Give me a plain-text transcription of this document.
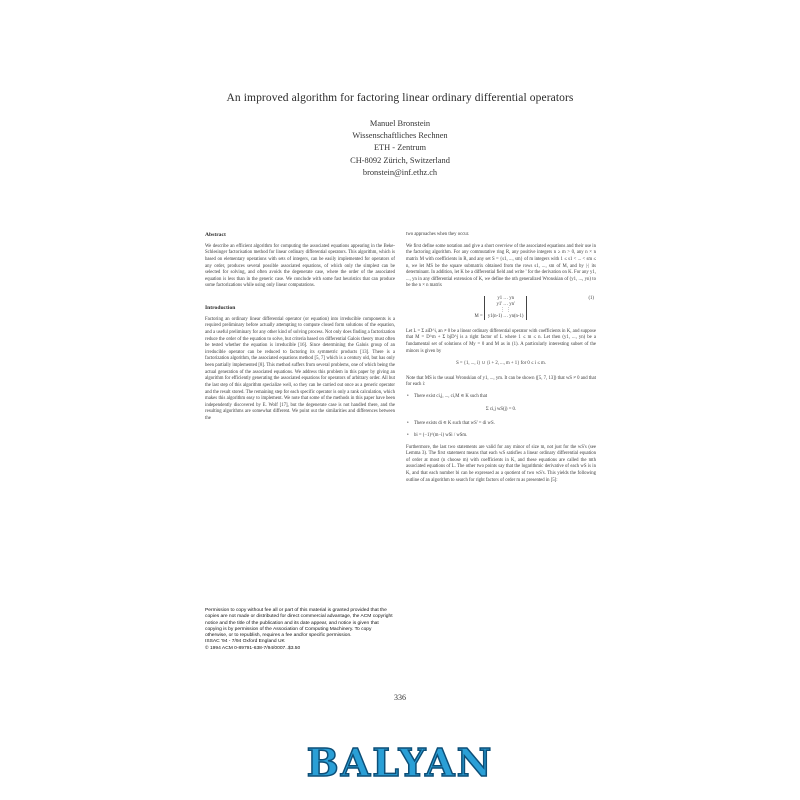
An improved algorithm for factoring linear ordinary differential operators
Manuel Bronstein
Wissenschaftliches Rechnen
ETH - Zentrum
CH-8092 Zürich, Switzerland
bronstein@inf.ethz.ch
Abstract

We describe an efficient algorithm for computing the associated equations appearing in the Beke-Schlesinger factorisation method for linear ordinary differential operators. This algorithm, which is based on elementary operations with sets of integers, can be easily implemented for operators of any order, produces several possible associated equations, of which only the simplest can be selected for solving, and often avoids the degenerate case, where the order of the associated equation is less than in the generic case. We conclude with some fast heuristics that can produce some factorizations while using only linear computations.

Introduction

Factoring an ordinary linear differential operator (or equation) into irreducible components is a required preliminary before actually attempting to compute closed form solutions of the equation, and a useful preliminary for any other kind of solving process. Not only does finding a factorization reduce the order of the equation to solve, but criteria based on differential Galois theory must often be tested whether the equation is irreducible [16]. Since determining the Galois group of an irreducible operator can be reduced to factoring its symmetric products [13]. There is a factorization algorithm, the associated equations method [5, 7] which is a century old, but has only been partially implemented [8]. This method suffers from several problems, one of which being the actual generation of the associated equations. We address this problem in this paper by giving an algorithm for efficiently generating the associated equations for operators of arbitrary order. All but the last step of this algorithm specialize well, so they can be carried out once as a generic operator and the result stored. The remaining step for each specific operator is only a rank calculation, which makes this algorithm easy to implement. We note that some of the methods in this paper have been independently discovered by E. Wolf [17], but the degenerate case is not handled there, and the resulting algorithms are somewhat different. We point out the similarities and differences between the

Permission to copy without fee all or part of this material is granted provided that the copies are not made or distributed for direct commercial advantage, the ACM copyright notice and the title of the publication and its date appear, and notice is given that copying is by permission of the Association of Computing Machinery. To copy otherwise, or to republish, requires a fee and/or specific permission.
ISSAC '94 - 7/94 Oxford England UK
© 1994 ACM 0-89791-638-7/94/0007..$3.50

two approaches when they occur.

We first define some notation and give a short overview of the associated equations and their use in the factoring algorithm. For any commutative ring R, any positive integers n ≥ m > 0, any n × n matrix M with coefficients in R, and any set S = {s1, ..., sm} of m integers with 1 ≤ s1 < ... < sm ≤ n, we let MS be the square submatrix obtained from the rows s1, ..., sm of M, and by |·| its determinant. In addition, let K be a differential field and write ' for the derivation on K. For any y1, ..., yn in any differential extension of K, we define the nth generalized Wronskian of (y1, ..., yn) to be the n × n matrix

M =
y1 … yn
y1' … yn'
⋮ ⋮
y1(n-1) … yn(n-1)
(1)

Let L = Σ aiD^i, an ≠ 0 be a linear ordinary differential operator with coefficients in K, and suppose that M = D^m + Σ bjD^j is a right factor of L where 1 ≤ m ≤ n. Let then (y1, ..., yn) be a fundamental set of solutions of My = 0 and M as in (1). A particularly interesting subset of the minors is given by

S = {1, ..., i} ∪ {i + 2, ..., m + 1} for 0 ≤ i ≤ m.

Note that MS is the usual Wronskian of y1, ..., ym. It can be shown ([5, 7, 13]) that wS ≠ 0 and that for each i:

• There exist ci,j, ..., ci,M ∈ K such that

Σ ci,j wS(j) = 0.

• There exists di ∈ K such that wS' = di wS.

• bi = (−1)^(m−i) wSi / wSm.

Furthermore, the last two statements are valid for any minor of size m, not just for the wS's (see Lemma 3). The first statement means that each wS satisfies a linear ordinary differential equation of order at most (n choose m) with coefficients in K, and these equations are called the mth associated equations of L. The other two points say that the logarithmic derivative of each wS is in K, and that each number bi can be expressed as a quotient of two wS's. This yields the following outline of an algorithm to search for right factors of order m as presented in [5]:

336
BALYAN
